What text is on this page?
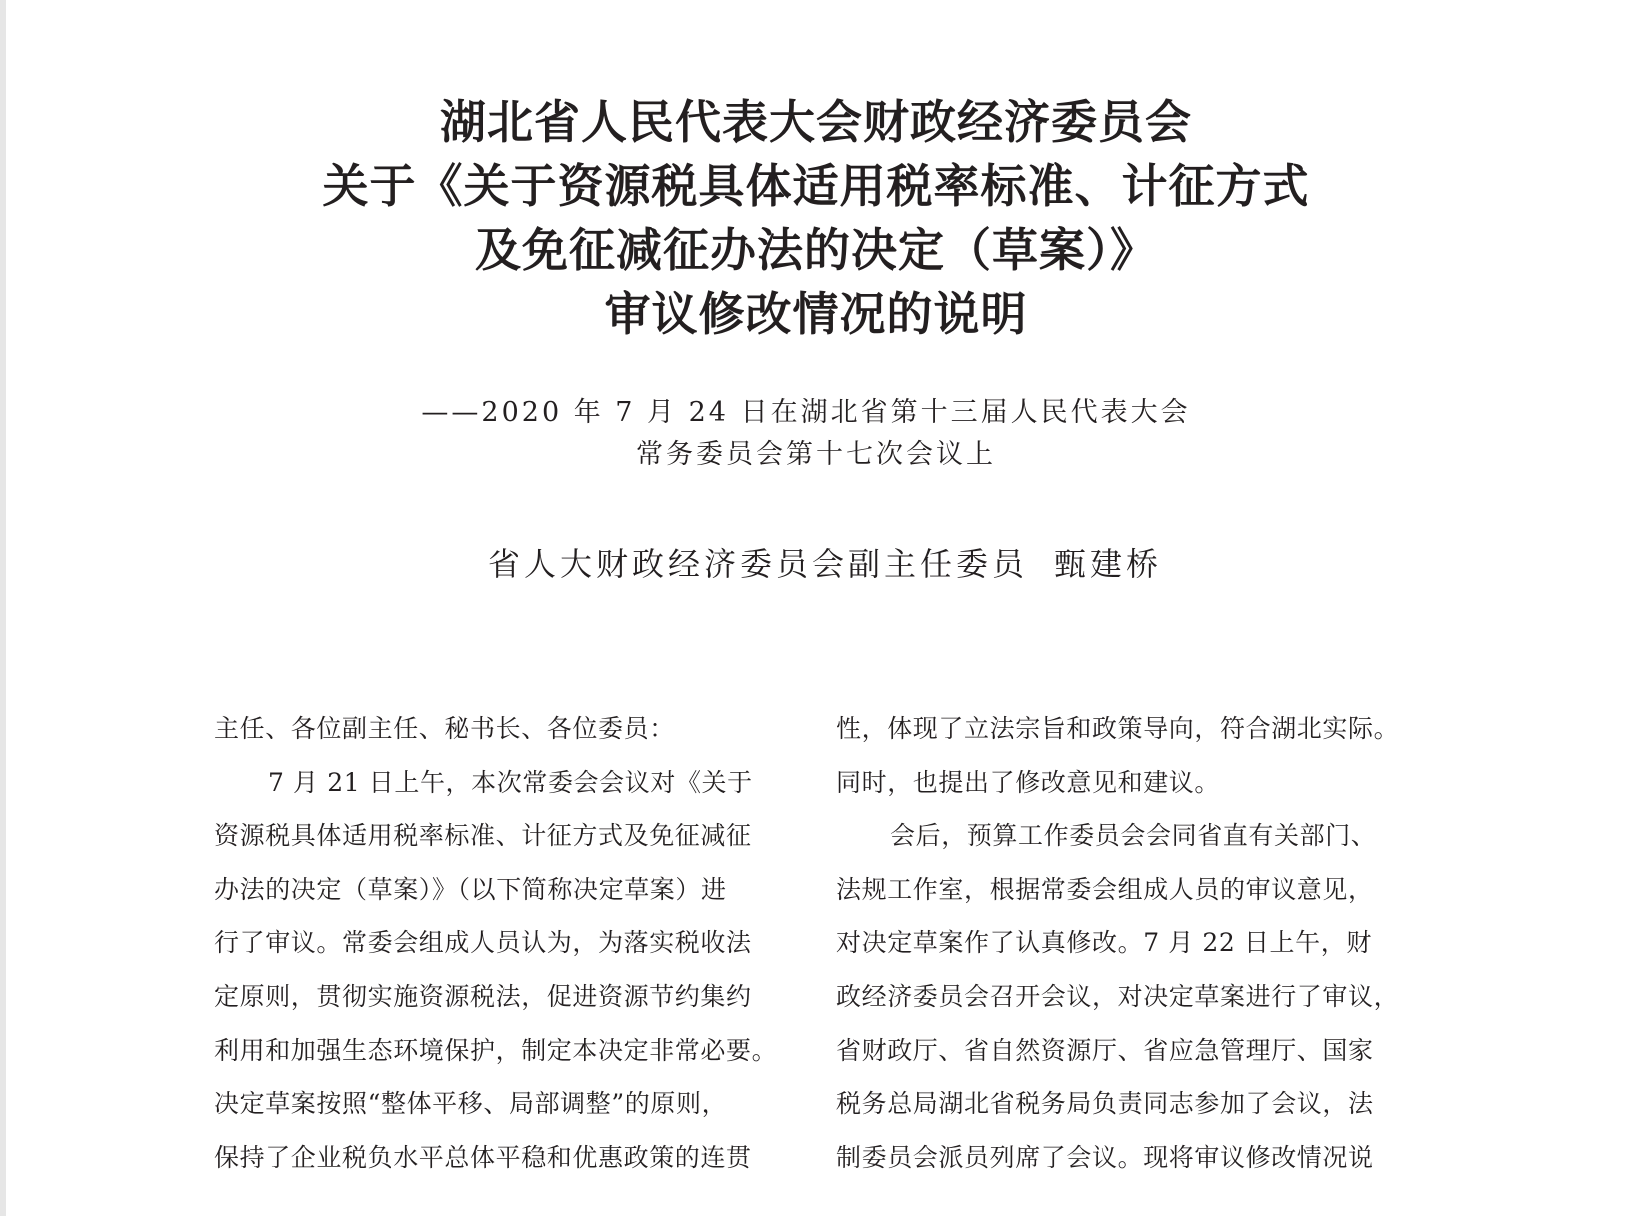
湖北省人民代表大会财政经济委员会
关于《关于资源税具体适用税率标准、计征方式
及免征减征办法的决定（草案）》
审议修改情况的说明
——2020 年 7 月 24 日在湖北省第十三届人民代表大会
常务委员会第十七次会议上
省人大财政经济委员会副主任委员 甄建桥
主任、各位副主任、秘书长、各位委员：
7 月 21 日上午，本次常委会会议对《关于
资源税具体适用税率标准、计征方式及免征减征
办法的决定（草案）》（以下简称决定草案）进
行了审议。常委会组成人员认为，为落实税收法
定原则，贯彻实施资源税法，促进资源节约集约
利用和加强生态环境保护，制定本决定非常必要。
决定草案按照“整体平移、局部调整”的原则，
保持了企业税负水平总体平稳和优惠政策的连贯
性，体现了立法宗旨和政策导向，符合湖北实际。
同时，也提出了修改意见和建议。
会后，预算工作委员会会同省直有关部门、
法规工作室，根据常委会组成人员的审议意见，
对决定草案作了认真修改。7 月 22 日上午，财
政经济委员会召开会议，对决定草案进行了审议，
省财政厅、省自然资源厅、省应急管理厅、国家
税务总局湖北省税务局负责同志参加了会议，法
制委员会派员列席了会议。现将审议修改情况说
